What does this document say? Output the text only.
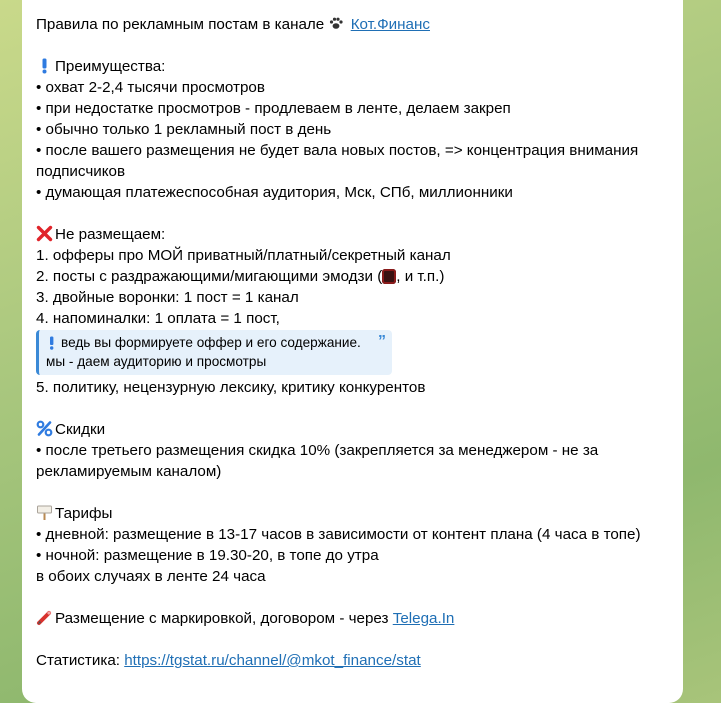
Правила по рекламным постам в канале Кот.Финанс
Преимущества:
• охват 2-2,4 тысячи просмотров
• при недостатке просмотров - продлеваем в ленте, делаем закреп
• обычно только 1 рекламный пост в день
• после вашего размещения не будет вала новых постов, => концентрация внимания подписчиков
• думающая платежеспособная аудитория, Мск, СПб, миллионники
Не размещаем:
1. офферы про МОЙ приватный/платный/секретный канал
2. посты с раздражающими/мигающими эмодзи ( , и т.п.)
3. двойные воронки: 1 пост = 1 канал
4. напоминалки: 1 оплата = 1 пост,
ведь вы формируете оффер и его содержание.
мы - даем аудиторию и просмотры
”
5. политику, нецензурную лексику, критику конкурентов
Скидки
• после третьего размещения скидка 10% (закрепляется за менеджером - не за рекламируемым каналом)
Тарифы
• дневной: размещение в 13-17 часов в зависимости от контент плана (4 часа в топе)
• ночной: размещение в 19.30-20, в топе до утра
в обоих случаях в ленте 24 часа
Размещение с маркировкой, договором - через Telega.In
Статистика: https://tgstat.ru/channel/@mkot_finance/stat
